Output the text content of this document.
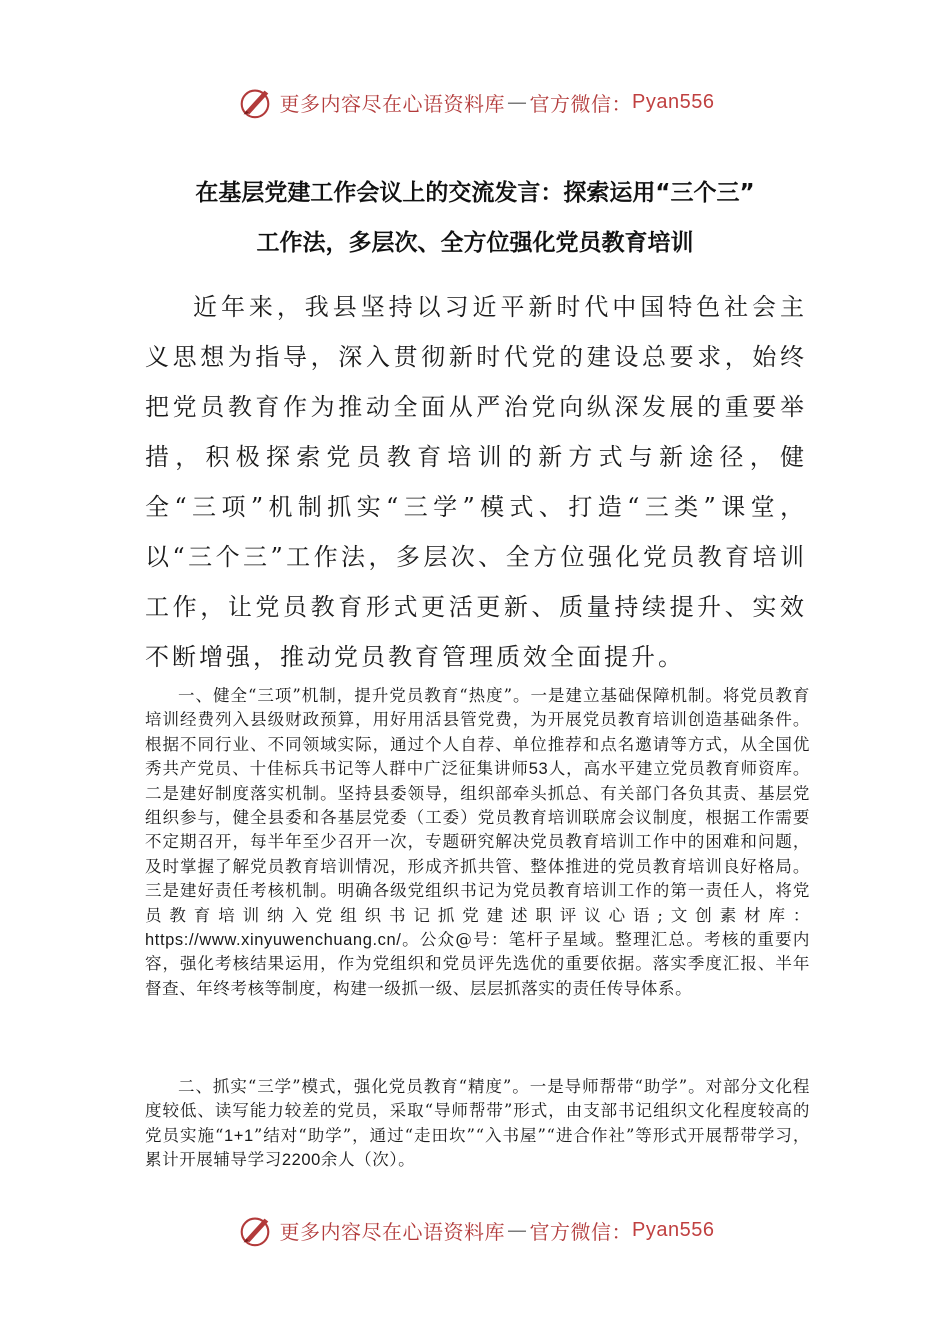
更多内容尽在心语资料库 — 官方微信： Pyan556
在基层党建工作会议上的交流发言：探索运用“三个三”
工作法，多层次、全方位强化党员教育培训

近年来，我县坚持以习近平新时代中国特色社会主义思想为指导，深入贯彻新时代党的建设总要求，始终把党员教育作为推动全面从严治党向纵深发展的重要举措，积极探索党员教育培训的新方式与新途径，健全“三项”机制抓实“三学”模式、打造“三类”课堂，以“三个三”工作法，多层次、全方位强化党员教育培训工作，让党员教育形式更活更新、质量持续提升、实效不断增强，推动党员教育管理质效全面提升。

一、健全“三项”机制，提升党员教育“热度”。一是建立基础保障机制。将党员教育培训经费列入县级财政预算，用好用活县管党费，为开展党员教育培训创造基础条件。根据不同行业、不同领域实际，通过个人自荐、单位推荐和点名邀请等方式，从全国优秀共产党员、十佳标兵书记等人群中广泛征集讲师53人，高水平建立党员教育师资库。二是建好制度落实机制。坚持县委领导，组织部牵头抓总、有关部门各负其责、基层党组织参与，健全县委和各基层党委（工委）党员教育培训联席会议制度，根据工作需要不定期召开，每半年至少召开一次，专题研究解决党员教育培训工作中的困难和问题，及时掌握了解党员教育培训情况，形成齐抓共管、整体推进的党员教育培训良好格局。三是建好责任考核机制。明确各级党组织书记为党员教育培训工作的第一责任人，将党员教育培训纳入党组织书记抓党建述职评议心语;文创素材库：https://www.xinyuwenchuang.cn/。公众@号：笔杆子星域。整理汇总。考核的重要内容，强化考核结果运用，作为党组织和党员评先选优的重要依据。落实季度汇报、半年督查、年终考核等制度，构建一级抓一级、层层抓落实的责任传导体系。

二、抓实“三学”模式，强化党员教育“精度”。一是导师帮带“助学”。对部分文化程度较低、读写能力较差的党员，采取“导师帮带”形式，由支部书记组织文化程度较高的党员实施“1+1”结对“助学”，通过“走田坎”“入书屋”“进合作社”等形式开展帮带学习，累计开展辅导学习2200余人（次）。

更多内容尽在心语资料库 — 官方微信： Pyan556
